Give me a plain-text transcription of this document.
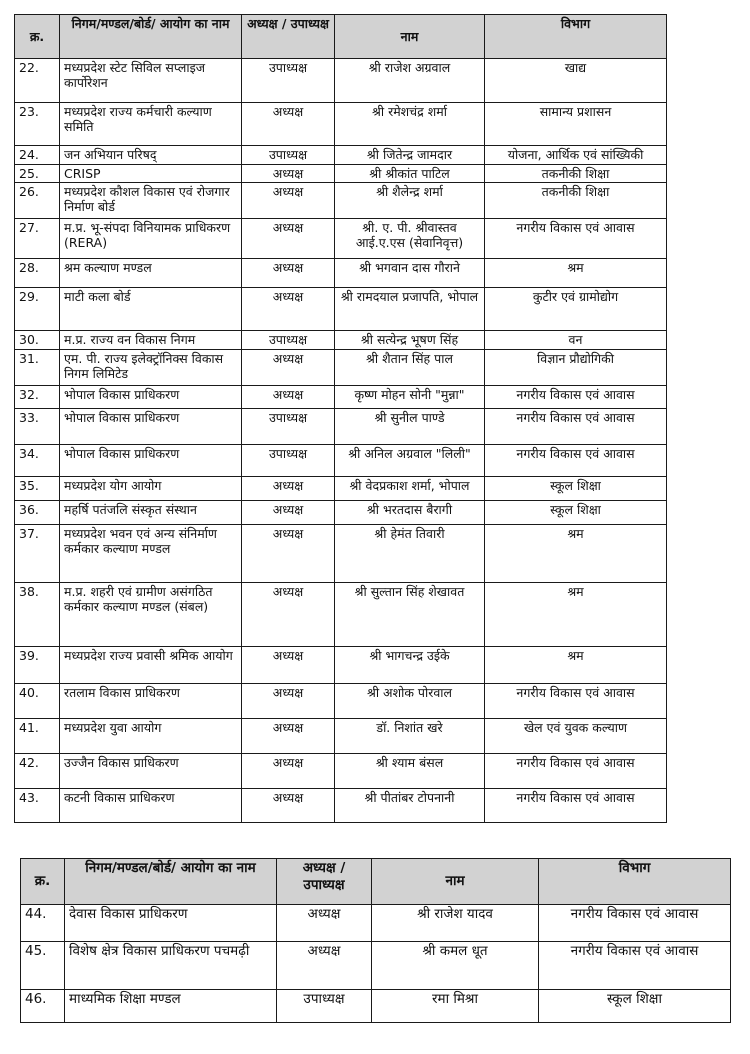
क्र.	निगम/मण्डल/बोर्ड/ आयोग का नाम	अध्यक्ष / उपाध्यक्ष	नाम	विभाग
22.	मध्यप्रदेश स्टेट सिविल सप्लाइज कार्पोरेशन	उपाध्यक्ष	श्री राजेश अग्रवाल	खाद्य
23.	मध्यप्रदेश राज्य कर्मचारी कल्याण समिति	अध्यक्ष	श्री रमेशचंद्र शर्मा	सामान्य प्रशासन
24.	जन अभियान परिषद्	उपाध्यक्ष	श्री जितेन्द्र जामदार	योजना, आर्थिक एवं सांख्यिकी
25.	CRISP	अध्यक्ष	श्री श्रीकांत पाटिल	तकनीकी शिक्षा
26.	मध्यप्रदेश कौशल विकास एवं रोजगार निर्माण बोर्ड	अध्यक्ष	श्री शैलेन्द्र शर्मा	तकनीकी शिक्षा
27.	म.प्र. भू-संपदा विनियामक प्राधिकरण (RERA)	अध्यक्ष	श्री. ए. पी. श्रीवास्तव आई.ए.एस (सेवानिवृत्त)	नगरीय विकास एवं आवास
28.	श्रम कल्याण मण्डल	अध्यक्ष	श्री भगवान दास गौराने	श्रम
29.	माटी कला बोर्ड	अध्यक्ष	श्री रामदयाल प्रजापति, भोपाल	कुटीर एवं ग्रामोद्योग
30.	म.प्र. राज्य वन विकास निगम	उपाध्यक्ष	श्री सत्येन्द्र भूषण सिंह	वन
31.	एम. पी. राज्य इलेक्ट्रॉनिक्स विकास निगम लिमिटेड	अध्यक्ष	श्री शैतान सिंह पाल	विज्ञान प्रौद्योगिकी
32.	भोपाल विकास प्राधिकरण	अध्यक्ष	कृष्ण मोहन सोनी "मुन्ना"	नगरीय विकास एवं आवास
33.	भोपाल विकास प्राधिकरण	उपाध्यक्ष	श्री सुनील पाण्डे	नगरीय विकास एवं आवास
34.	भोपाल विकास प्राधिकरण	उपाध्यक्ष	श्री अनिल अग्रवाल "लिली"	नगरीय विकास एवं आवास
35.	मध्यप्रदेश योग आयोग	अध्यक्ष	श्री वेदप्रकाश शर्मा, भोपाल	स्कूल शिक्षा
36.	महर्षि पतंजलि संस्कृत संस्थान	अध्यक्ष	श्री भरतदास बैरागी	स्कूल शिक्षा
37.	मध्यप्रदेश भवन एवं अन्य संनिर्माण कर्मकार कल्याण मण्डल	अध्यक्ष	श्री हेमंत तिवारी	श्रम
38.	म.प्र. शहरी एवं ग्रामीण असंगठित कर्मकार कल्याण मण्डल (संबल)	अध्यक्ष	श्री सुल्तान सिंह शेखावत	श्रम
39.	मध्यप्रदेश राज्य प्रवासी श्रमिक आयोग	अध्यक्ष	श्री भागचन्द्र उईके	श्रम
40.	रतलाम विकास प्राधिकरण	अध्यक्ष	श्री अशोक पोरवाल	नगरीय विकास एवं आवास
41.	मध्यप्रदेश युवा आयोग	अध्यक्ष	डॉ. निशांत खरे	खेल एवं युवक कल्याण
42.	उज्जैन विकास प्राधिकरण	अध्यक्ष	श्री श्याम बंसल	नगरीय विकास एवं आवास
43.	कटनी विकास प्राधिकरण	अध्यक्ष	श्री पीतांबर टोपनानी	नगरीय विकास एवं आवास
क्र.	निगम/मण्डल/बोर्ड/ आयोग का नाम	अध्यक्ष / उपाध्यक्ष	नाम	विभाग
44.	देवास विकास प्राधिकरण	अध्यक्ष	श्री राजेश यादव	नगरीय विकास एवं आवास
45.	विशेष क्षेत्र विकास प्राधिकरण पचमढ़ी	अध्यक्ष	श्री कमल धूत	नगरीय विकास एवं आवास
46.	माध्यमिक शिक्षा मण्डल	उपाध्यक्ष	रमा मिश्रा	स्कूल शिक्षा
